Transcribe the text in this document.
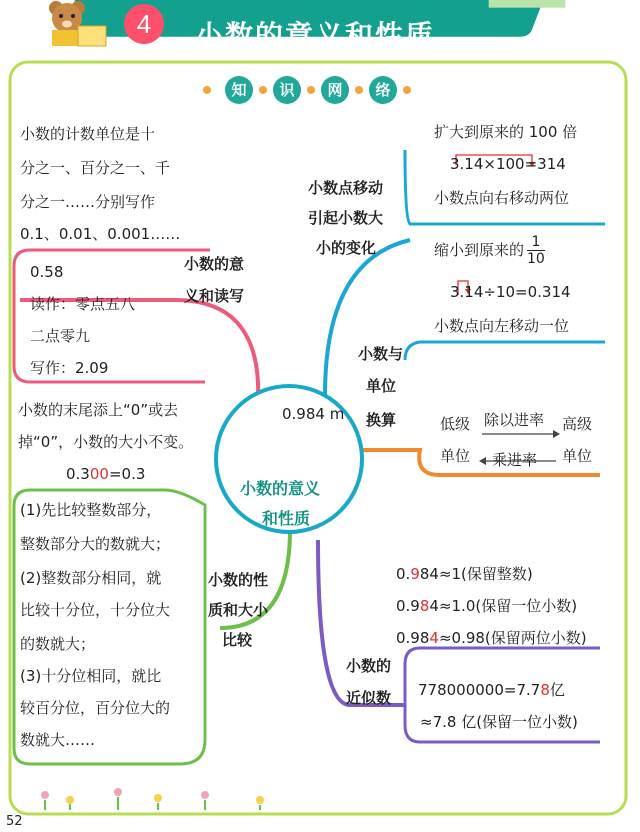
4	小数的意义和性质
知	识	网	络
0.984 m
小数的意义
和性质
小数的计数单位是十
分之一、百分之一、千
分之一……分别写作
0.1、0.01、0.001……
0.58
读作：零点五八
二点零九
写作：2.09
小数的意
义和读写
小数的末尾添上“0”或去
掉“0”，小数的大小不变。
0.300=0.3
(1)先比较整数部分，
整数部分大的数就大；
(2)整数部分相同，就
比较十分位，十分位大
的数就大；
(3)十分位相同，就比
较百分位，百分位大的
数就大……
小数的性
质和大小
比较
小数点移动
引起小数大
小的变化
扩大到原来的 100 倍
3.14×100=314
小数点向右移动两位
缩小到原来的 $\frac{1}{10}$
3.14÷10=0.314
小数点向左移动一位
小数与
单位
换算	低级
单位
除以进率
乘进率
高级
单位
0.984≈1(保留整数)
0.984≈1.0(保留一位小数)
0.984≈0.98(保留两位小数)
小数的
近似数 778000000=7.78亿
≈7.8 亿(保留一位小数)
52
